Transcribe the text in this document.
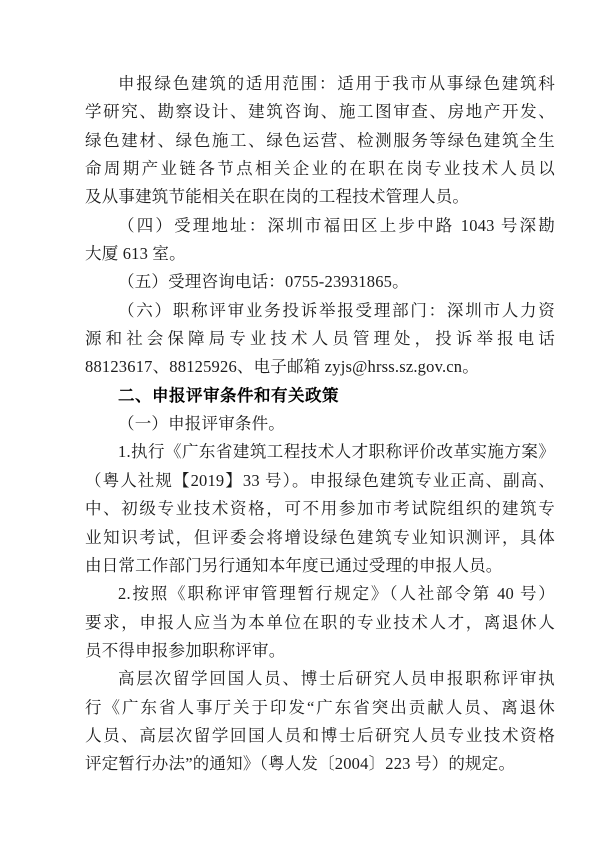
申报绿色建筑的适用范围：适用于我市从事绿色建筑科
学研究、勘察设计、建筑咨询、施工图审查、房地产开发、
绿色建材、绿色施工、绿色运营、检测服务等绿色建筑全生
命周期产业链各节点相关企业的在职在岗专业技术人员以
及从事建筑节能相关在职在岗的工程技术管理人员。
（四）受理地址：深圳市福田区上步中路 1043 号深勘
大厦 613 室。
（五）受理咨询电话：0755-23931865。
（六）职称评审业务投诉举报受理部门：深圳市人力资
源和社会保障局专业技术人员管理处，投诉举报电话
88123617、88125926、电子邮箱 zyjs@hrss.sz.gov.cn。
二、申报评审条件和有关政策
（一）申报评审条件。
1.执行《广东省建筑工程技术人才职称评价改革实施方案》
（粤人社规【2019】33 号）。申报绿色建筑专业正高、副高、
中、初级专业技术资格，可不用参加市考试院组织的建筑专
业知识考试，但评委会将增设绿色建筑专业知识测评，具体
由日常工作部门另行通知本年度已通过受理的申报人员。
2.按照《职称评审管理暂行规定》（人社部令第 40 号）
要求，申报人应当为本单位在职的专业技术人才，离退休人
员不得申报参加职称评审。
高层次留学回国人员、博士后研究人员申报职称评审执
行《广东省人事厅关于印发“广东省突出贡献人员、离退休
人员、高层次留学回国人员和博士后研究人员专业技术资格
评定暂行办法”的通知》（粤人发〔2004〕223 号）的规定。
